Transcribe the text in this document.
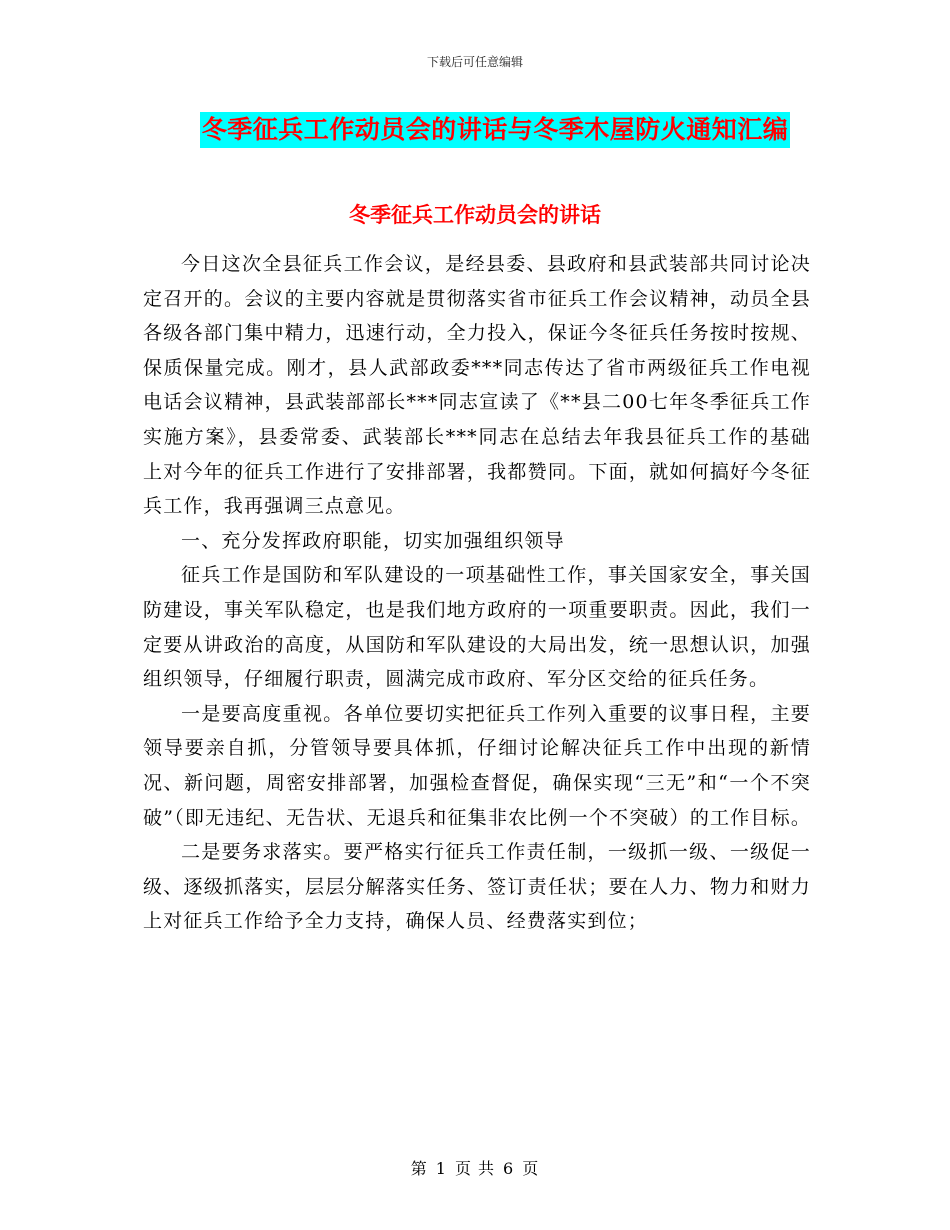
下载后可任意编辑
冬季征兵工作动员会的讲话与冬季木屋防火通知汇编
冬季征兵工作动员会的讲话

今日这次全县征兵工作会议，是经县委、县政府和县武装部共同讨论决定召开的。会议的主要内容就是贯彻落实省市征兵工作会议精神，动员全县各级各部门集中精力，迅速行动，全力投入，保证今冬征兵任务按时按规、保质保量完成。刚才，县人武部政委***同志传达了省市两级征兵工作电视电话会议精神，县武装部部长***同志宣读了《**县二00七年冬季征兵工作实施方案》，县委常委、武装部长***同志在总结去年我县征兵工作的基础上对今年的征兵工作进行了安排部署，我都赞同。下面，就如何搞好今冬征兵工作，我再强调三点意见。

一、充分发挥政府职能，切实加强组织领导

征兵工作是国防和军队建设的一项基础性工作，事关国家安全，事关国防建设，事关军队稳定，也是我们地方政府的一项重要职责。因此，我们一定要从讲政治的高度，从国防和军队建设的大局出发，统一思想认识，加强组织领导，仔细履行职责，圆满完成市政府、军分区交给的征兵任务。

一是要高度重视。各单位要切实把征兵工作列入重要的议事日程，主要领导要亲自抓，分管领导要具体抓，仔细讨论解决征兵工作中出现的新情况、新问题，周密安排部署，加强检查督促，确保实现“三无”和“一个不突破”（即无违纪、无告状、无退兵和征集非农比例一个不突破）的工作目标。

二是要务求落实。要严格实行征兵工作责任制，一级抓一级、一级促一级、逐级抓落实，层层分解落实任务、签订责任状；要在人力、物力和财力上对征兵工作给予全力支持，确保人员、经费落实到位；

第 1 页 共 6 页
